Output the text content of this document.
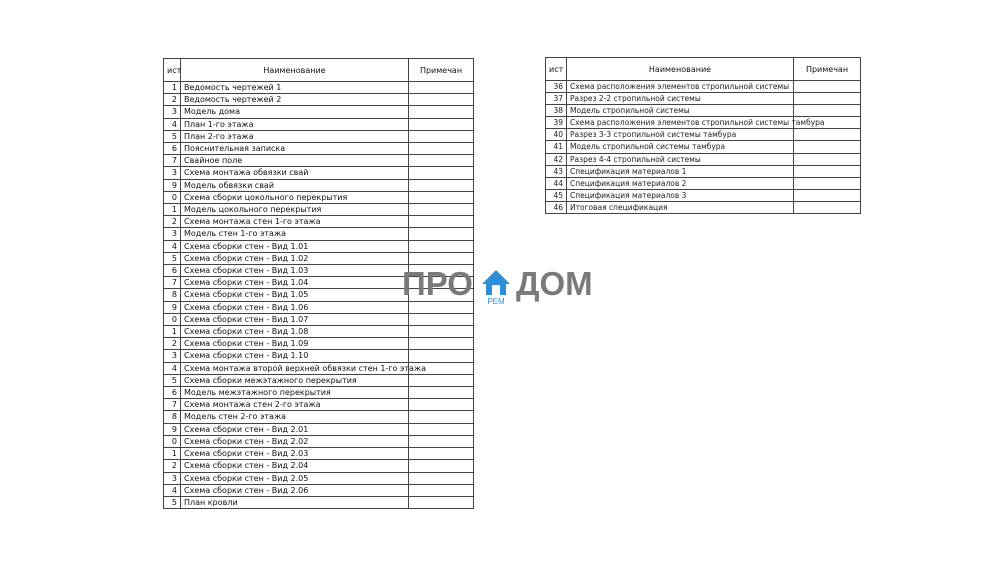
ист	Наименование	Примечан
1	Ведомость чертежей 1	
2	Ведомость чертежей 2	
3	Модель дома	
4	План 1-го этажа	
5	План 2-го этажа	
6	Пояснительная записка	
7	Свайное поле	
3	Схема монтажа обвязки свай	
9	Модель обвязки свай	
0	Схема сборки цокольного перекрытия	
1	Модель цокольного перекрытия	
2	Схема монтажа стен 1-го этажа	
3	Модель стен 1-го этажа	
4	Схема сборки стен - Вид 1.01	
5	Схема сборки стен - Вид 1.02	
6	Схема сборки стен - Вид 1.03	
7	Схема сборки стен - Вид 1.04	
8	Схема сборки стен - Вид 1.05	
9	Схема сборки стен - Вид 1.06	
0	Схема сборки стен - Вид 1.07	
1	Схема сборки стен - Вид 1.08	
2	Схема сборки стен - Вид 1.09	
3	Схема сборки стен - Вид 1.10	
4	Схема монтажа второй верхней обвязки стен 1-го этажа	
5	Схема сборки межэтажного перекрытия	
6	Модель межэтажного перекрытия	
7	Схема монтажа стен 2-го этажа	
8	Модель стен 2-го этажа	
9	Схема сборки стен - Вид 2.01	
0	Схема сборки стен - Вид 2.02	
1	Схема сборки стен - Вид 2.03	
2	Схема сборки стен - Вид 2.04	
3	Схема сборки стен - Вид 2.05	
4	Схема сборки стен - Вид 2.06	
5	План кровли	

ист	Наименование	Примечан
36	Схема расположения элементов стропильной системы	
37	Разрез 2-2 стропильной системы	
38	Модель стропильной системы	
39	Схема расположения элементов стропильной системы тамбура	
40	Разрез 3-3 стропильной системы тамбура	
41	Модель стропильной системы тамбура	
42	Разрез 4-4 стропильной системы	
43	Спецификация материалов 1	
44	Спецификация материалов 2	
45	Спецификация материалов 3	
46	Итоговая спецификация	
ПРО РЕМ ДОМ
